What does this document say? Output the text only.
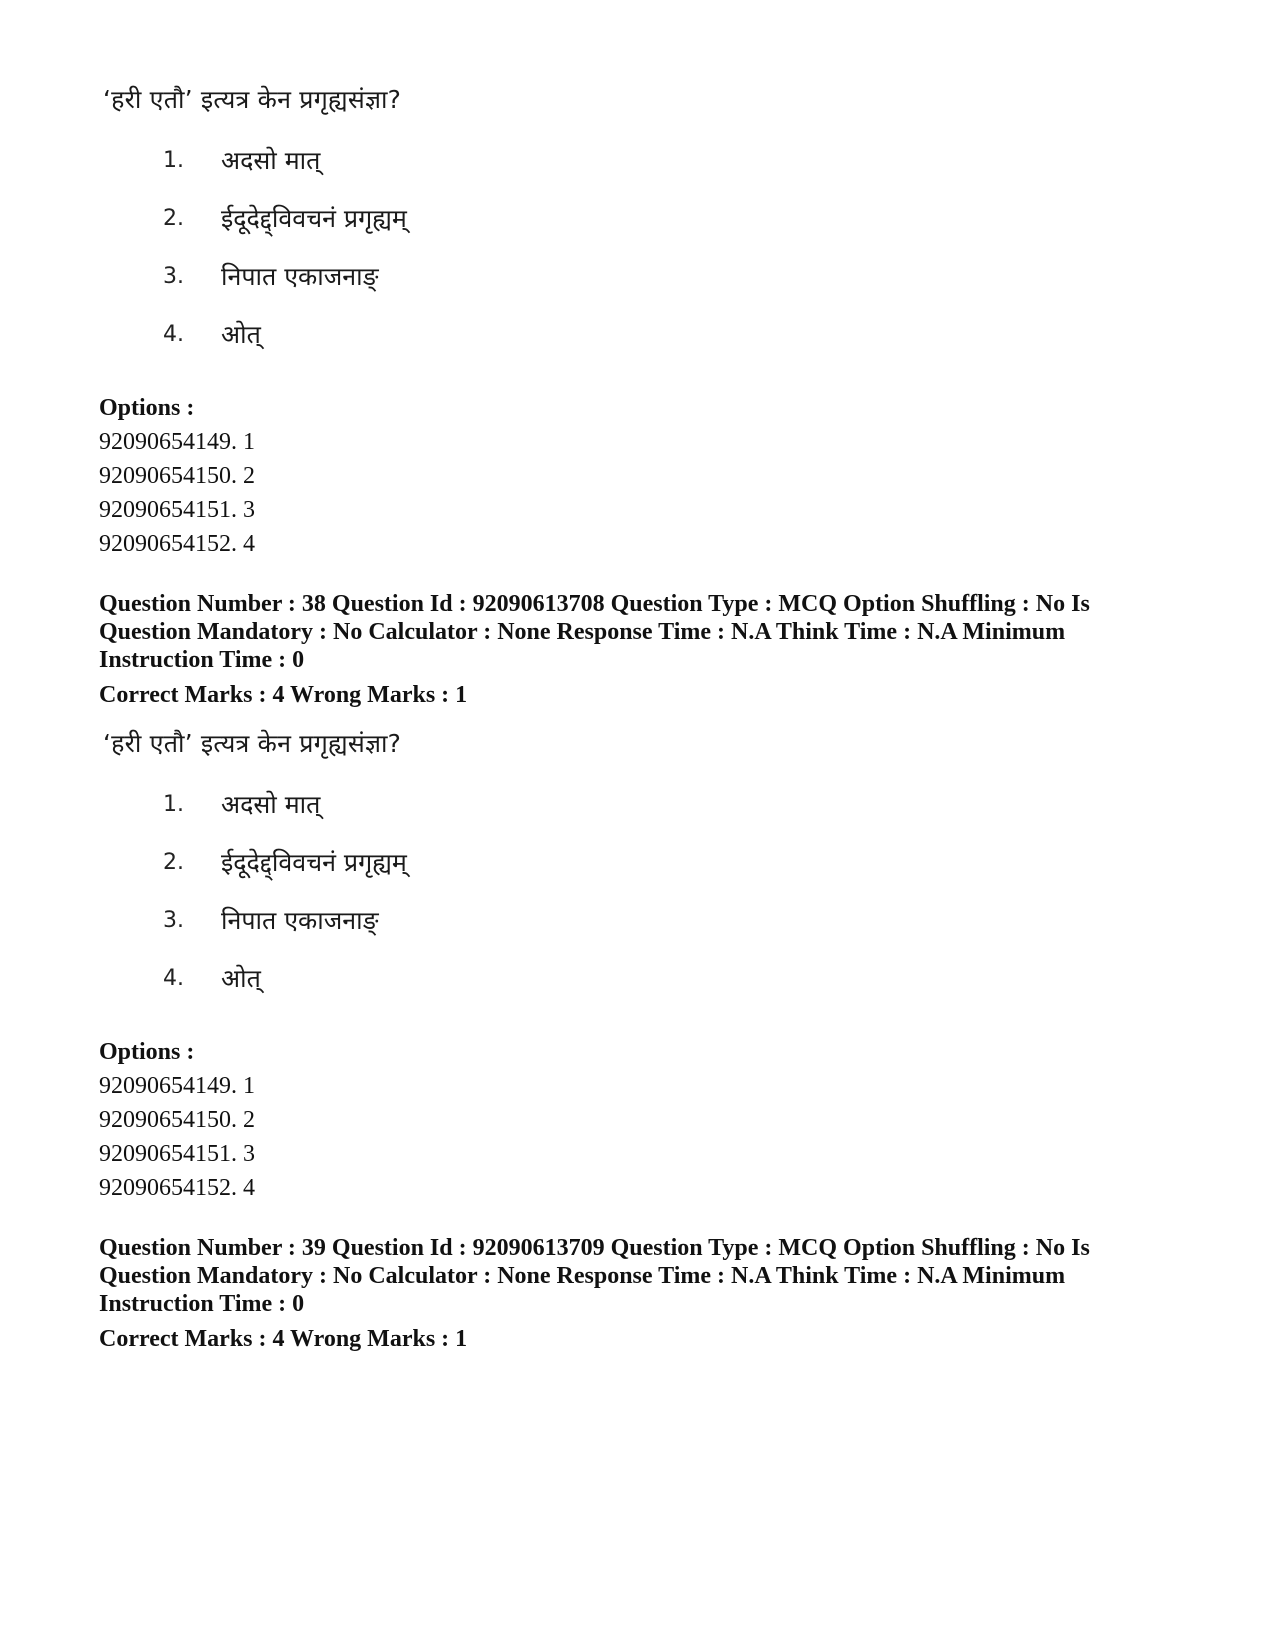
‘हरी एतौ’ इत्यत्र केन प्रगृह्यसंज्ञा?

1.	अदसो मात्
2.	ईदूदेद्द्विवचनं प्रगृह्यम्
3.	निपात एकाजनाङ्
4.	ओत्

Options :

92090654149. 1

92090654150. 2

92090654151. 3

92090654152. 4

Question Number : 38 Question Id : 92090613708 Question Type : MCQ Option Shuffling : No Is

Question Mandatory : No Calculator : None Response Time : N.A Think Time : N.A Minimum

Instruction Time : 0

Correct Marks : 4 Wrong Marks : 1

‘हरी एतौ’ इत्यत्र केन प्रगृह्यसंज्ञा?

1.	अदसो मात्
2.	ईदूदेद्द्विवचनं प्रगृह्यम्
3.	निपात एकाजनाङ्
4.	ओत्

Options :

92090654149. 1

92090654150. 2

92090654151. 3

92090654152. 4

Question Number : 39 Question Id : 92090613709 Question Type : MCQ Option Shuffling : No Is

Question Mandatory : No Calculator : None Response Time : N.A Think Time : N.A Minimum

Instruction Time : 0

Correct Marks : 4 Wrong Marks : 1
